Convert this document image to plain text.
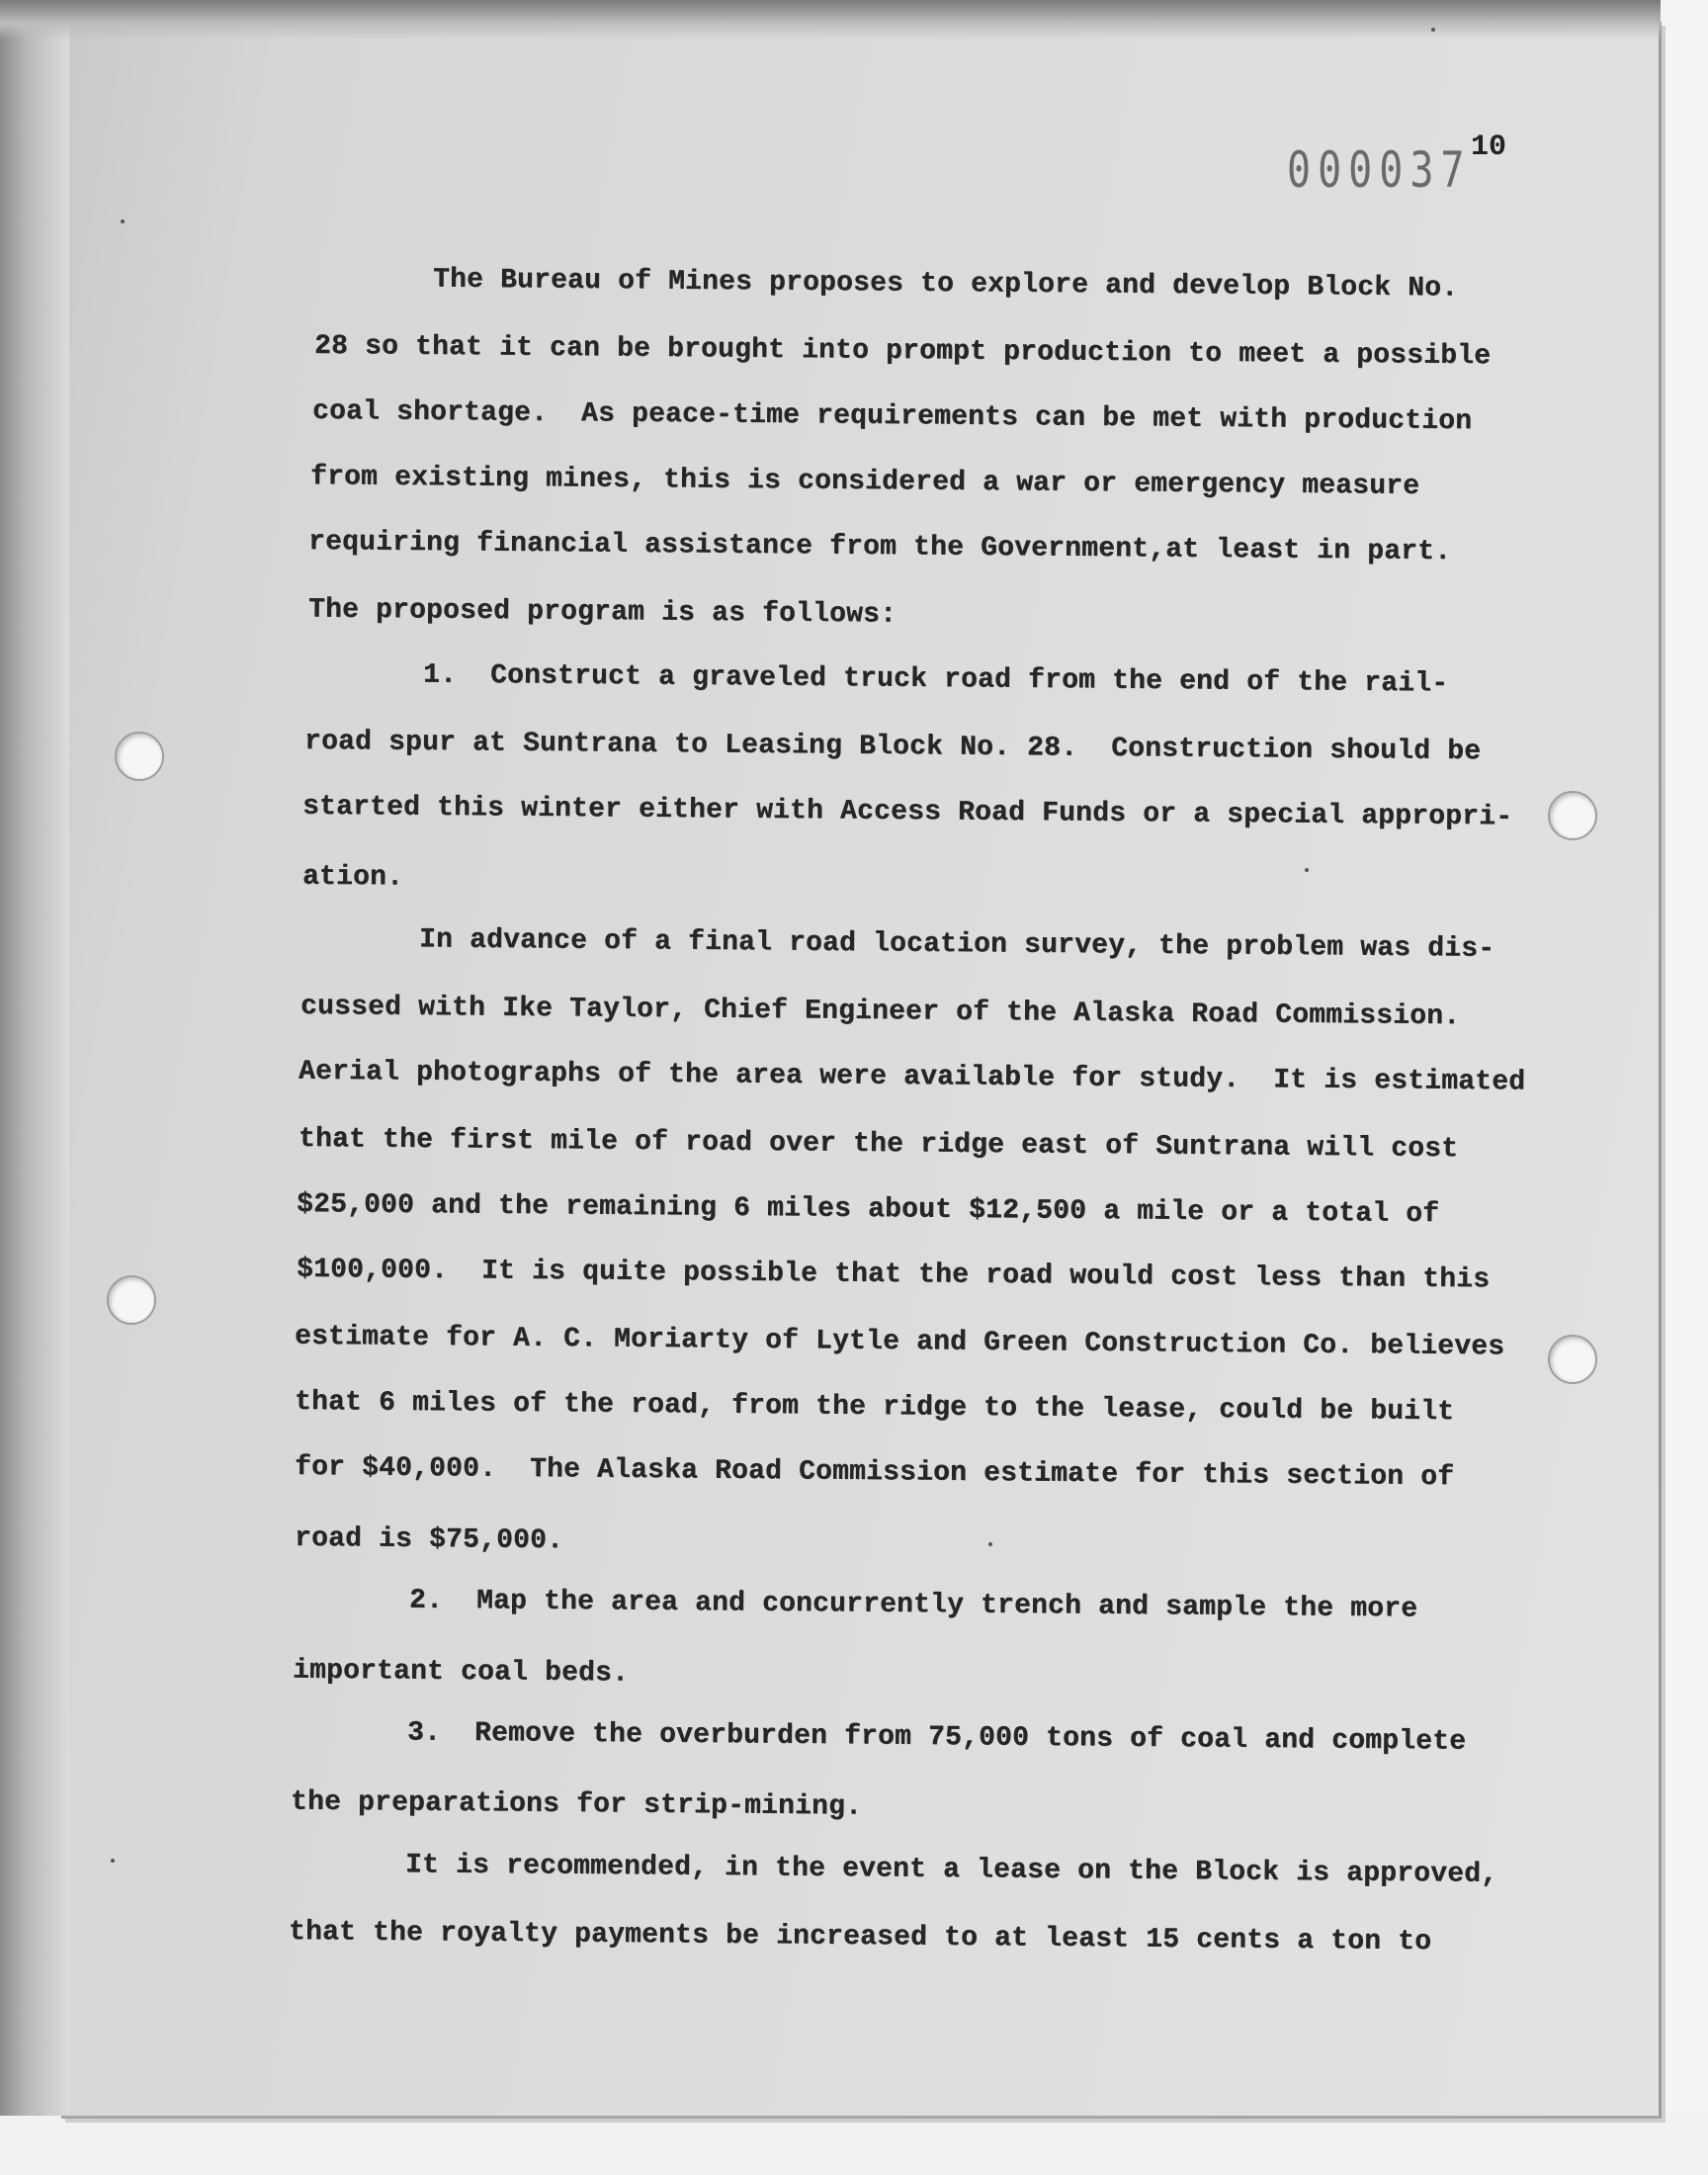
000037 10
The Bureau of Mines proposes to explore and develop Block No.
28 so that it can be brought into prompt production to meet a possible
coal shortage.  As peace-time requirements can be met with production
from existing mines, this is considered a war or emergency measure
requiring financial assistance from the Government,at least in part.
The proposed program is as follows:
1.  Construct a graveled truck road from the end of the rail-
road spur at Suntrana to Leasing Block No. 28.  Construction should be
started this winter either with Access Road Funds or a special appropri-
ation.
In advance of a final road location survey, the problem was dis-
cussed with Ike Taylor, Chief Engineer of the Alaska Road Commission.
Aerial photographs of the area were available for study.  It is estimated
that the first mile of road over the ridge east of Suntrana will cost
$25,000 and the remaining 6 miles about $12,500 a mile or a total of
$100,000.  It is quite possible that the road would cost less than this
estimate for A. C. Moriarty of Lytle and Green Construction Co. believes
that 6 miles of the road, from the ridge to the lease, could be built
for $40,000.  The Alaska Road Commission estimate for this section of
road is $75,000.
2.  Map the area and concurrently trench and sample the more
important coal beds.
3.  Remove the overburden from 75,000 tons of coal and complete
the preparations for strip-mining.
It is recommended, in the event a lease on the Block is approved,
that the royalty payments be increased to at least 15 cents a ton to
